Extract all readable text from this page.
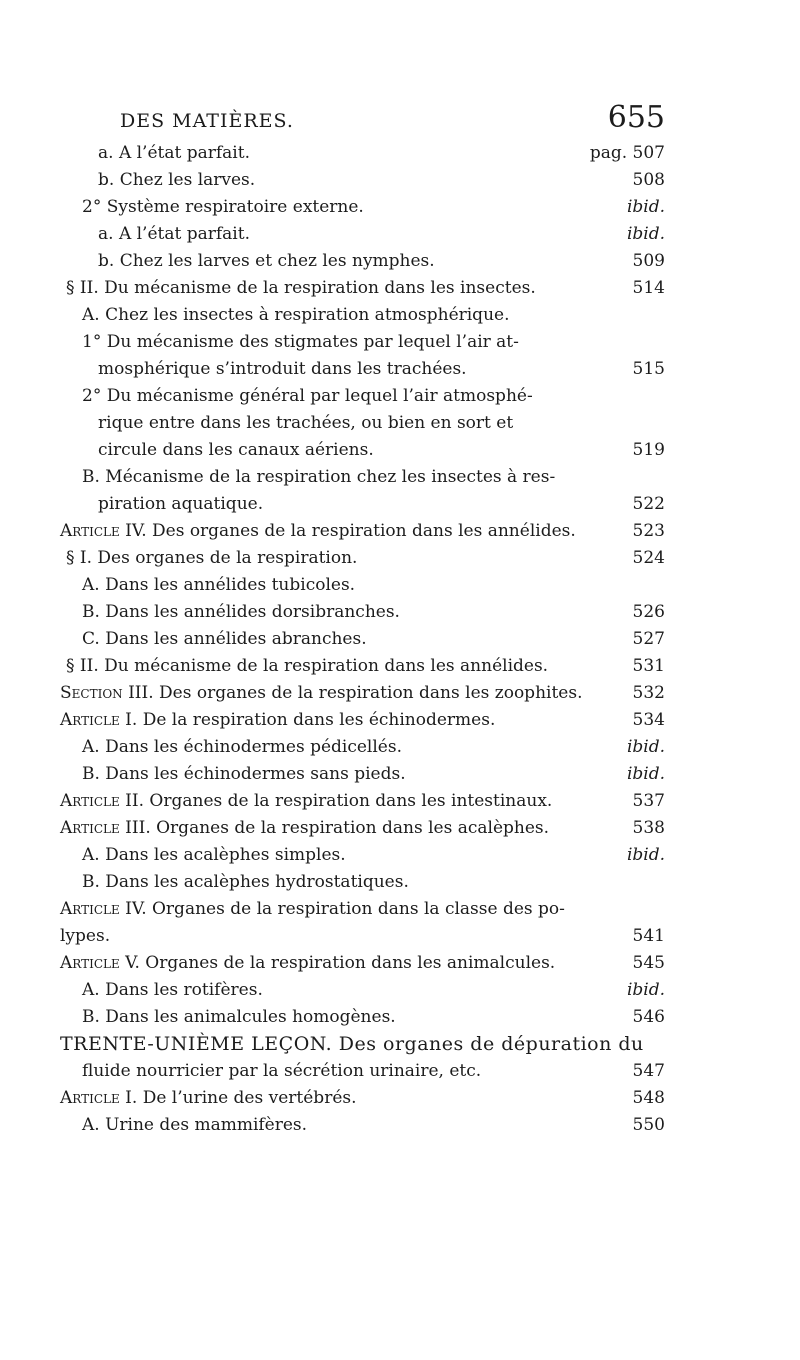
DES MATIÈRES.	655
a. A l’état parfait.	pag. 507
b. Chez les larves.	508
2° Système respiratoire externe.	ibid.
a. A l’état parfait.	ibid.
b. Chez les larves et chez les nymphes.	509
§ II. Du mécanisme de la respiration dans les insectes.	514
A. Chez les insectes à respiration atmosphérique.
1° Du mécanisme des stigmates par lequel l’air at-
mosphérique s’introduit dans les trachées.	515
2° Du mécanisme général par lequel l’air atmosphé-
rique entre dans les trachées, ou bien en sort et
circule dans les canaux aériens.	519
B. Mécanisme de la respiration chez les insectes à res-
piration aquatique.	522
Article IV. Des organes de la respiration dans les annélides.	523
§ I. Des organes de la respiration.	524
A. Dans les annélides tubicoles.
B. Dans les annélides dorsibranches.	526
C. Dans les annélides abranches.	527
§ II. Du mécanisme de la respiration dans les annélides.	531
Section III. Des organes de la respiration dans les zoophites.	532
Article I. De la respiration dans les échinodermes.	534
A. Dans les échinodermes pédicellés.	ibid.
B. Dans les échinodermes sans pieds.	ibid.
Article II. Organes de la respiration dans les intestinaux.	537
Article III. Organes de la respiration dans les acalèphes.	538
A. Dans les acalèphes simples.	ibid.
B. Dans les acalèphes hydrostatiques.
Article IV. Organes de la respiration dans la classe des po-
lypes.	541
Article V. Organes de la respiration dans les animalcules.	545
A. Dans les rotifères.	ibid.
B. Dans les animalcules homogènes.	546
TRENTE-UNIÈME LEÇON. Des organes de dépuration du
fluide nourricier par la sécrétion urinaire, etc.	547
Article I. De l’urine des vertébrés.	548
A. Urine des mammifères.	550
